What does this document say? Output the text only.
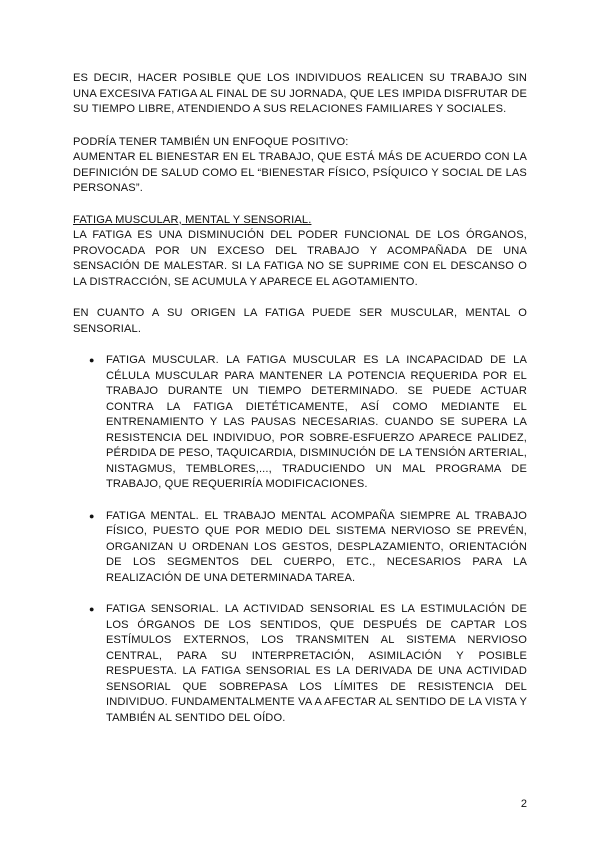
ES DECIR, HACER POSIBLE QUE LOS INDIVIDUOS REALICEN SU TRABAJO SIN UNA EXCESIVA FATIGA AL FINAL DE SU JORNADA, QUE LES IMPIDA DISFRUTAR DE SU TIEMPO LIBRE, ATENDIENDO A SUS RELACIONES FAMILIARES Y SOCIALES.

PODRÍA TENER TAMBIÉN UN ENFOQUE POSITIVO:

AUMENTAR EL BIENESTAR EN EL TRABAJO, QUE ESTÁ MÁS DE ACUERDO CON LA DEFINICIÓN DE SALUD COMO EL “BIENESTAR FÍSICO, PSÍQUICO Y SOCIAL DE LAS PERSONAS”.

FATIGA MUSCULAR, MENTAL Y SENSORIAL.

LA FATIGA ES UNA DISMINUCIÓN DEL PODER FUNCIONAL DE LOS ÓRGANOS, PROVOCADA POR UN EXCESO DEL TRABAJO Y ACOMPAÑADA DE UNA SENSACIÓN DE MALESTAR. SI LA FATIGA NO SE SUPRIME CON EL DESCANSO O LA DISTRACCIÓN, SE ACUMULA Y APARECE EL AGOTAMIENTO.

EN CUANTO A SU ORIGEN LA FATIGA PUEDE SER MUSCULAR, MENTAL O SENSORIAL.

● FATIGA MUSCULAR. LA FATIGA MUSCULAR ES LA INCAPACIDAD DE LA CÉLULA MUSCULAR PARA MANTENER LA POTENCIA REQUERIDA POR EL TRABAJO DURANTE UN TIEMPO DETERMINADO. SE PUEDE ACTUAR CONTRA LA FATIGA DIETÉTICAMENTE, ASÍ COMO MEDIANTE EL ENTRENAMIENTO Y LAS PAUSAS NECESARIAS. CUANDO SE SUPERA LA RESISTENCIA DEL INDIVIDUO, POR SOBRE-ESFUERZO APARECE PALIDEZ, PÉRDIDA DE PESO, TAQUICARDIA, DISMINUCIÓN DE LA TENSIÓN ARTERIAL, NISTAGMUS, TEMBLORES,..., TRADUCIENDO UN MAL PROGRAMA DE TRABAJO, QUE REQUERIRÍA MODIFICACIONES.

● FATIGA MENTAL. EL TRABAJO MENTAL ACOMPAÑA SIEMPRE AL TRABAJO FÍSICO, PUESTO QUE POR MEDIO DEL SISTEMA NERVIOSO SE PREVÉN, ORGANIZAN U ORDENAN LOS GESTOS, DESPLAZAMIENTO, ORIENTACIÓN DE LOS SEGMENTOS DEL CUERPO, ETC., NECESARIOS PARA LA REALIZACIÓN DE UNA DETERMINADA TAREA.

● FATIGA SENSORIAL. LA ACTIVIDAD SENSORIAL ES LA ESTIMULACIÓN DE LOS ÓRGANOS DE LOS SENTIDOS, QUE DESPUÉS DE CAPTAR LOS ESTÍMULOS EXTERNOS, LOS TRANSMITEN AL SISTEMA NERVIOSO CENTRAL, PARA SU INTERPRETACIÓN, ASIMILACIÓN Y POSIBLE RESPUESTA. LA FATIGA SENSORIAL ES LA DERIVADA DE UNA ACTIVIDAD SENSORIAL QUE SOBREPASA LOS LÍMITES DE RESISTENCIA DEL INDIVIDUO. FUNDAMENTALMENTE VA A AFECTAR AL SENTIDO DE LA VISTA Y TAMBIÉN AL SENTIDO DEL OÍDO.

2
